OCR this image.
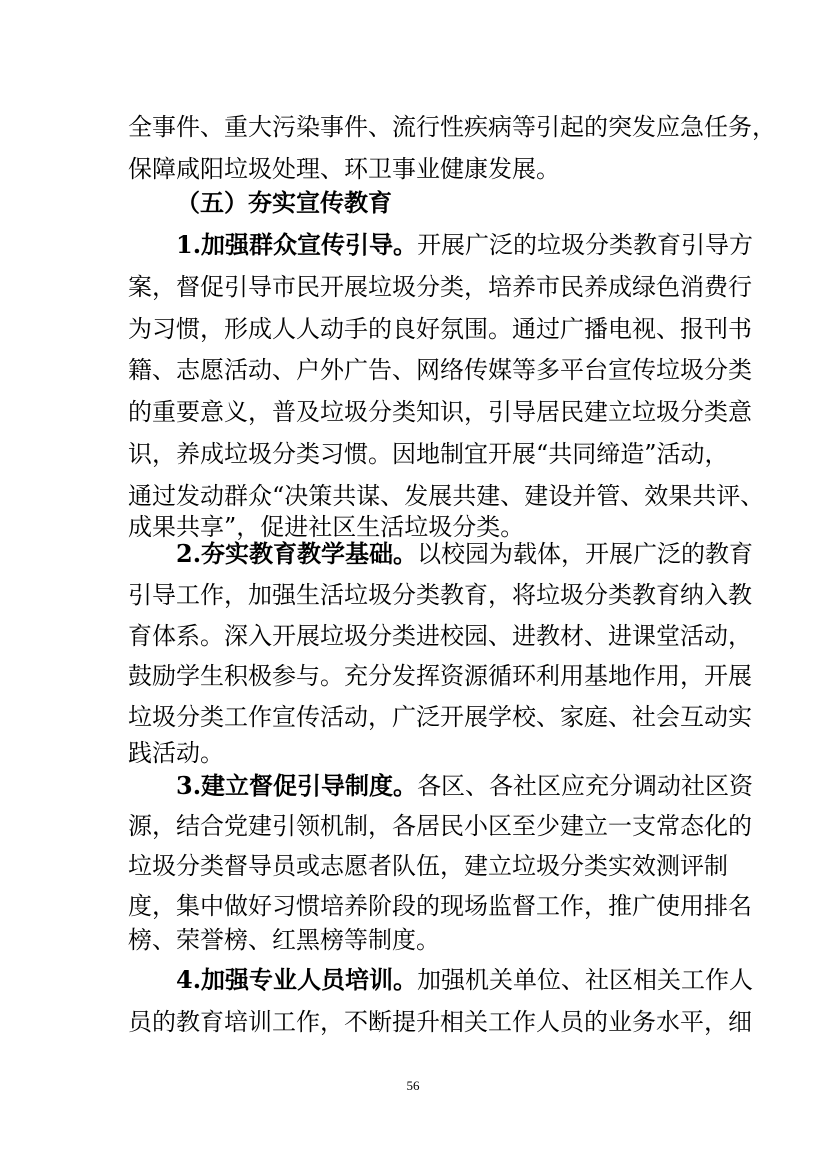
全事件、重大污染事件、流行性疾病等引起的突发应急任务，
保障咸阳垃圾处理、环卫事业健康发展。
（五）夯实宣传教育
1.加强群众宣传引导。开展广泛的垃圾分类教育引导方
案，督促引导市民开展垃圾分类，培养市民养成绿色消费行
为习惯，形成人人动手的良好氛围。通过广播电视、报刊书
籍、志愿活动、户外广告、网络传媒等多平台宣传垃圾分类
的重要意义，普及垃圾分类知识，引导居民建立垃圾分类意
识，养成垃圾分类习惯。因地制宜开展“共同缔造”活动，
通过发动群众“决策共谋、发展共建、建设并管、效果共评、
成果共享”，促进社区生活垃圾分类。
2.夯实教育教学基础。以校园为载体，开展广泛的教育
引导工作，加强生活垃圾分类教育，将垃圾分类教育纳入教
育体系。深入开展垃圾分类进校园、进教材、进课堂活动，
鼓励学生积极参与。充分发挥资源循环利用基地作用，开展
垃圾分类工作宣传活动，广泛开展学校、家庭、社会互动实
践活动。
3.建立督促引导制度。各区、各社区应充分调动社区资
源，结合党建引领机制，各居民小区至少建立一支常态化的
垃圾分类督导员或志愿者队伍，建立垃圾分类实效测评制
度，集中做好习惯培养阶段的现场监督工作，推广使用排名
榜、荣誉榜、红黑榜等制度。
4.加强专业人员培训。加强机关单位、社区相关工作人
员的教育培训工作，不断提升相关工作人员的业务水平，细
56
